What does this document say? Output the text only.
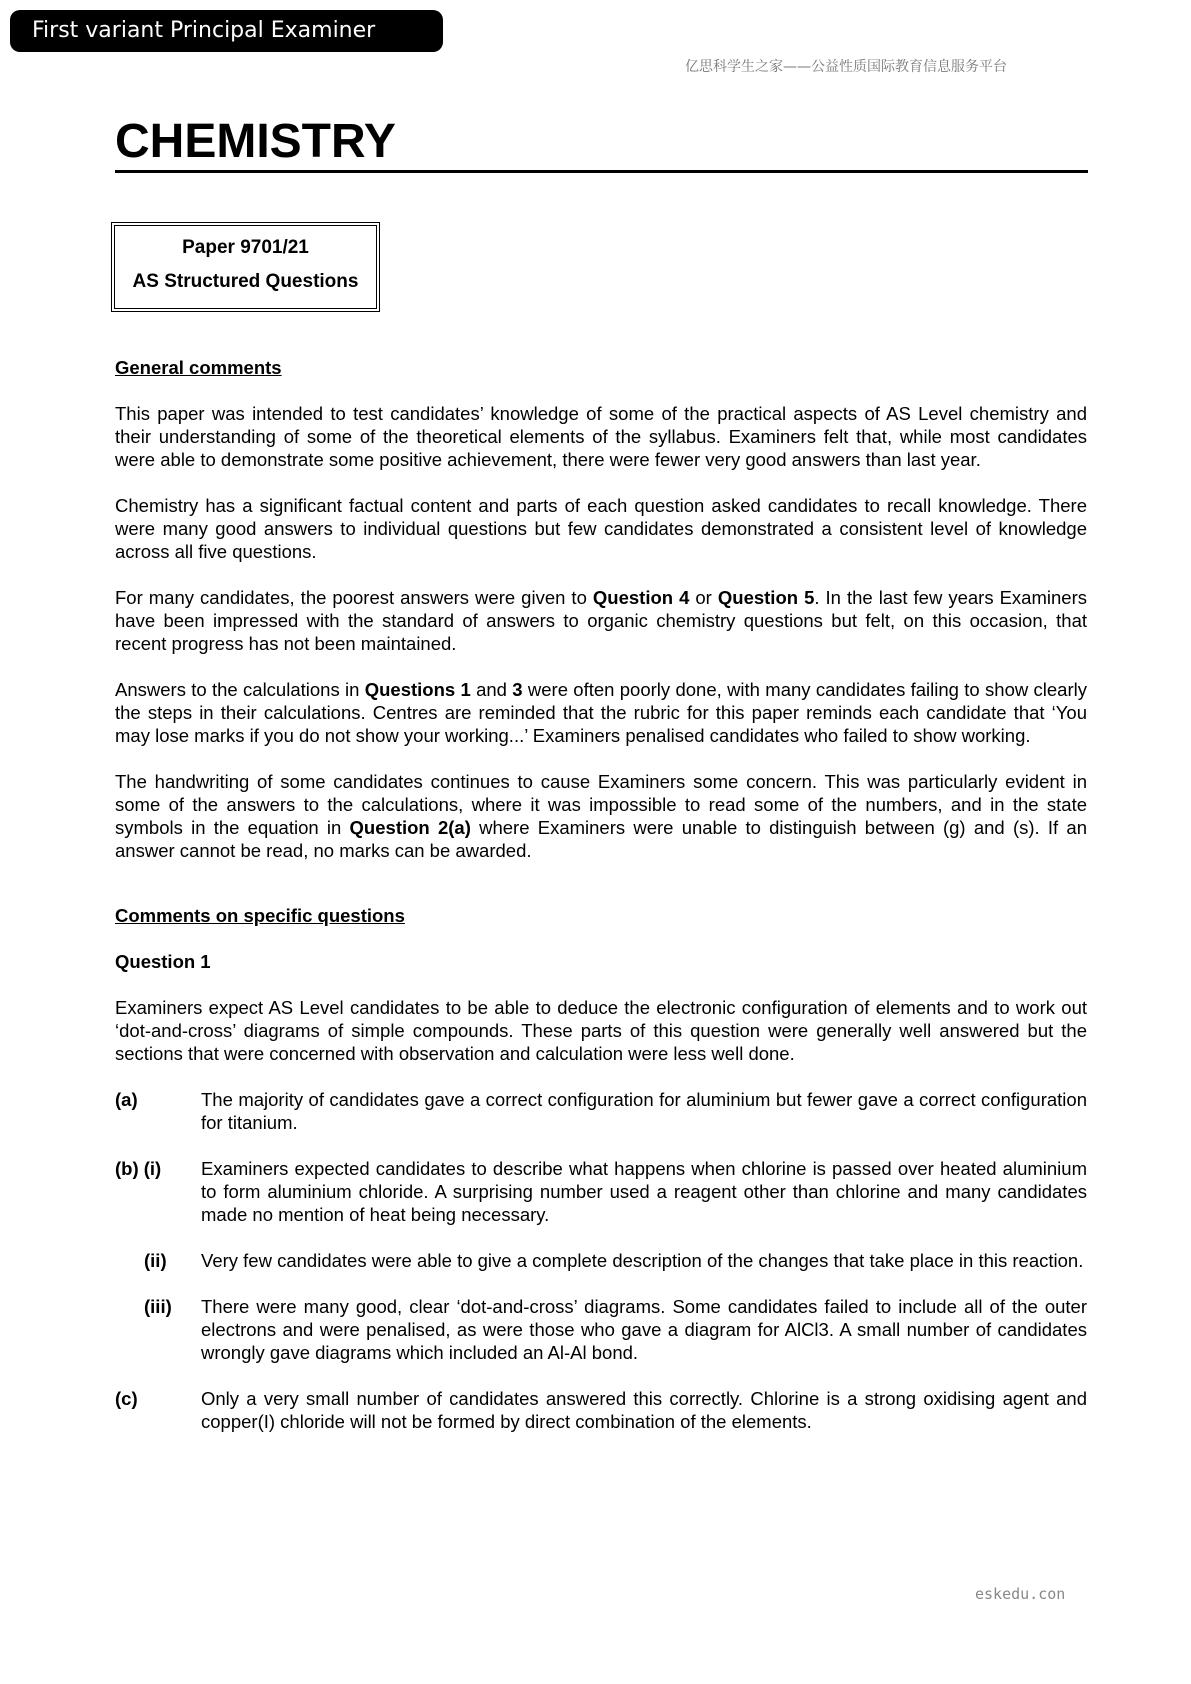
First variant Principal Examiner Report	亿思科学生之家——公益性质国际教育信息服务平台
CHEMISTRY
Paper 9701/21
AS Structured Questions
General comments

This paper was intended to test candidates’ knowledge of some of the practical aspects of AS Level chemistry and their understanding of some of the theoretical elements of the syllabus. Examiners felt that, while most candidates were able to demonstrate some positive achievement, there were fewer very good answers than last year.

Chemistry has a significant factual content and parts of each question asked candidates to recall knowledge. There were many good answers to individual questions but few candidates demonstrated a consistent level of knowledge across all five questions.

For many candidates, the poorest answers were given to Question 4 or Question 5. In the last few years Examiners have been impressed with the standard of answers to organic chemistry questions but felt, on this occasion, that recent progress has not been maintained.

Answers to the calculations in Questions 1 and 3 were often poorly done, with many candidates failing to show clearly the steps in their calculations. Centres are reminded that the rubric for this paper reminds each candidate that ‘You may lose marks if you do not show your working...’ Examiners penalised candidates who failed to show working.

The handwriting of some candidates continues to cause Examiners some concern. This was particularly evident in some of the answers to the calculations, where it was impossible to read some of the numbers, and in the state symbols in the equation in Question 2(a) where Examiners were unable to distinguish between (g) and (s). If an answer cannot be read, no marks can be awarded.

Comments on specific questions
Question 1

Examiners expect AS Level candidates to be able to deduce the electronic configuration of elements and to work out ‘dot-and-cross’ diagrams of simple compounds. These parts of this question were generally well answered but the sections that were concerned with observation and calculation were less well done.

(a)	The majority of candidates gave a correct configuration for aluminium but fewer gave a correct configuration for titanium.
(b) (i)	Examiners expected candidates to describe what happens when chlorine is passed over heated aluminium to form aluminium chloride. A surprising number used a reagent other than chlorine and many candidates made no mention of heat being necessary.
(ii)	Very few candidates were able to give a complete description of the changes that take place in this reaction.
(iii)	There were many good, clear ‘dot-and-cross’ diagrams. Some candidates failed to include all of the outer electrons and were penalised, as were those who gave a diagram for AlCl3. A small number of candidates wrongly gave diagrams which included an Al-Al bond.
(c)	Only a very small number of candidates answered this correctly. Chlorine is a strong oxidising agent and copper(I) chloride will not be formed by direct combination of the elements.
eskedu.con
